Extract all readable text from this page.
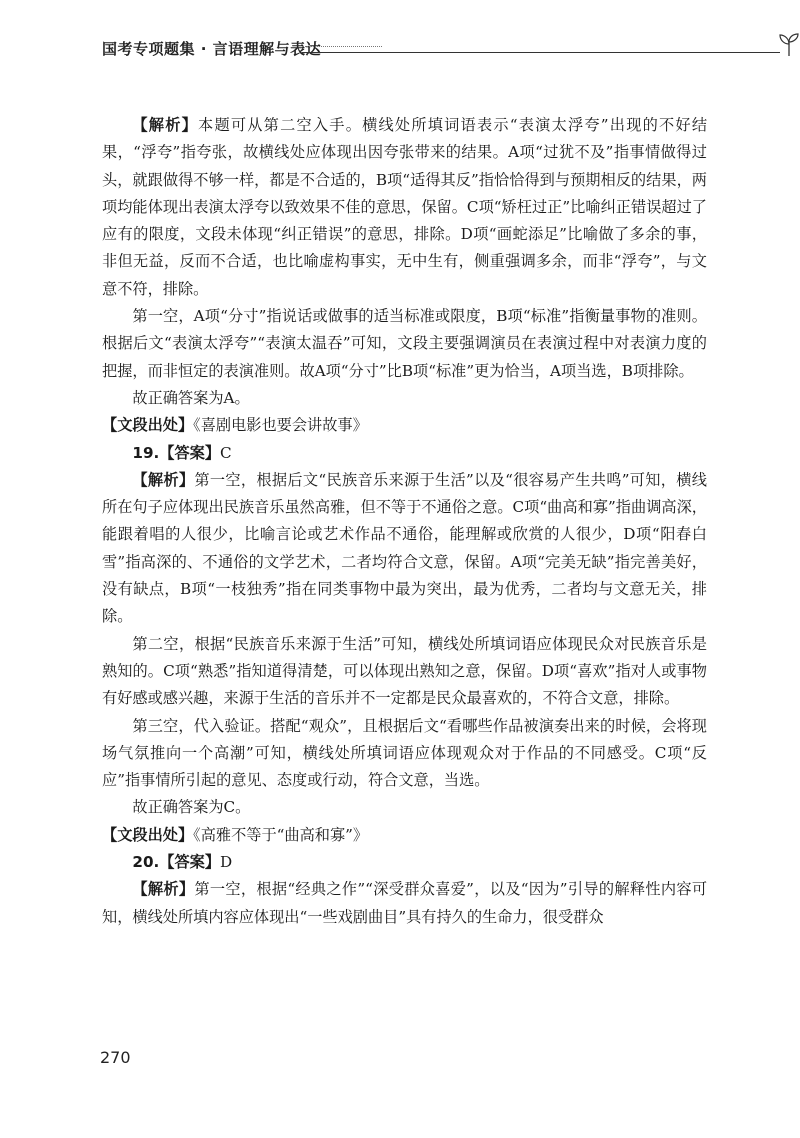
国考专项题集 · 言语理解与表达

【解析】本题可从第二空入手。横线处所填词语表示“表演太浮夸”出现的不好结果，“浮夸”指夸张，故横线处应体现出因夸张带来的结果。A项“过犹不及”指事情做得过头，就跟做得不够一样，都是不合适的，B项“适得其反”指恰恰得到与预期相反的结果，两项均能体现出表演太浮夸以致效果不佳的意思，保留。C项“矫枉过正”比喻纠正错误超过了应有的限度，文段未体现“纠正错误”的意思，排除。D项“画蛇添足”比喻做了多余的事，非但无益，反而不合适，也比喻虚构事实，无中生有，侧重强调多余，而非“浮夸”，与文意不符，排除。

第一空，A项“分寸”指说话或做事的适当标准或限度，B项“标准”指衡量事物的准则。根据后文“表演太浮夸”“表演太温吞”可知，文段主要强调演员在表演过程中对表演力度的把握，而非恒定的表演准则。故A项“分寸”比B项“标准”更为恰当，A项当选，B项排除。

故正确答案为A。

【文段出处】《喜剧电影也要会讲故事》

19.【答案】C

【解析】第一空，根据后文“民族音乐来源于生活”以及“很容易产生共鸣”可知，横线所在句子应体现出民族音乐虽然高雅，但不等于不通俗之意。C项“曲高和寡”指曲调高深，能跟着唱的人很少，比喻言论或艺术作品不通俗，能理解或欣赏的人很少，D项“阳春白雪”指高深的、不通俗的文学艺术，二者均符合文意，保留。A项“完美无缺”指完善美好，没有缺点，B项“一枝独秀”指在同类事物中最为突出，最为优秀，二者均与文意无关，排除。

第二空，根据“民族音乐来源于生活”可知，横线处所填词语应体现民众对民族音乐是熟知的。C项“熟悉”指知道得清楚，可以体现出熟知之意，保留。D项“喜欢”指对人或事物有好感或感兴趣，来源于生活的音乐并不一定都是民众最喜欢的，不符合文意，排除。

第三空，代入验证。搭配“观众”，且根据后文“看哪些作品被演奏出来的时候，会将现场气氛推向一个高潮”可知，横线处所填词语应体现观众对于作品的不同感受。C项“反应”指事情所引起的意见、态度或行动，符合文意，当选。

故正确答案为C。

【文段出处】《高雅不等于“曲高和寡”》

20.【答案】D

【解析】第一空，根据“经典之作”“深受群众喜爱”，以及“因为”引导的解释性内容可知，横线处所填内容应体现出“一些戏剧曲目”具有持久的生命力，很受群众

270
